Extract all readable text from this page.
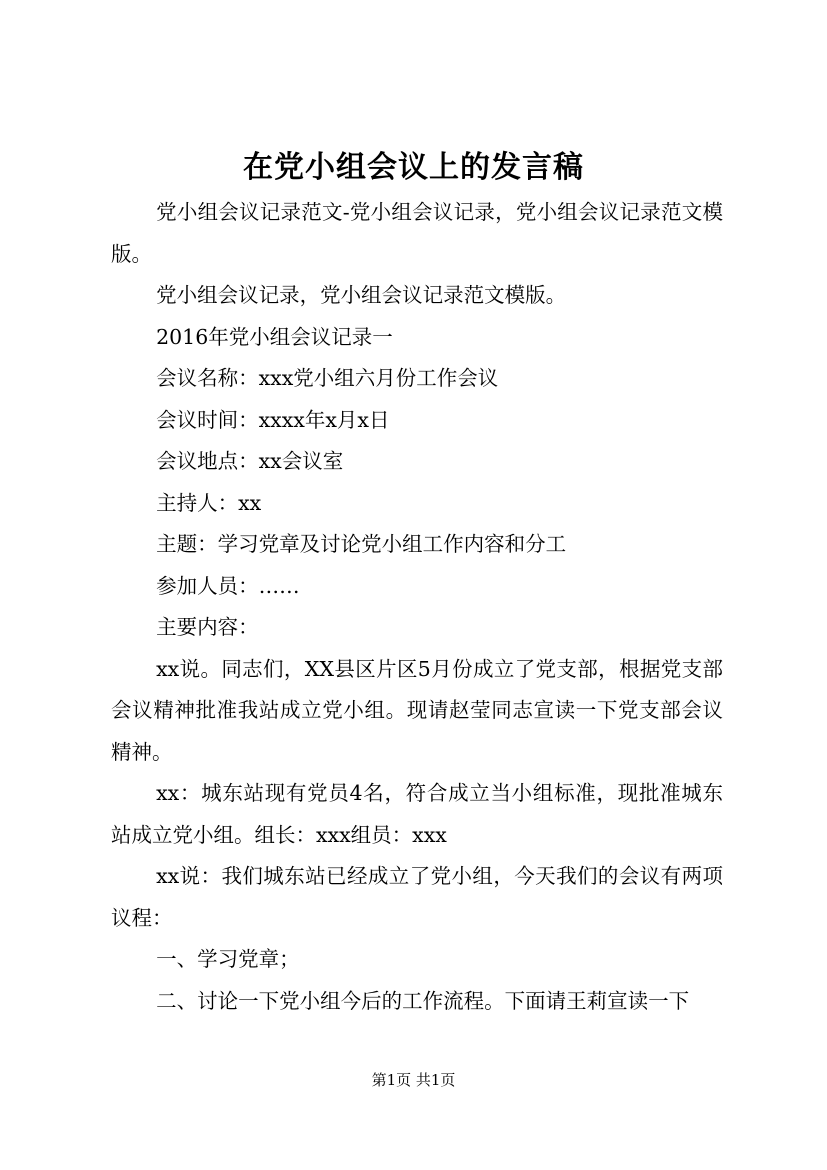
在党小组会议上的发言稿

党小组会议记录范文-党小组会议记录，党小组会议记录范文模版。

党小组会议记录，党小组会议记录范文模版。

2016年党小组会议记录一

会议名称：xxx党小组六月份工作会议

会议时间：xxxx年x月x日

会议地点：xx会议室

主持人：xx

主题：学习党章及讨论党小组工作内容和分工

参加人员：……

主要内容：

xx说。同志们，XX县区片区5月份成立了党支部，根据党支部会议精神批准我站成立党小组。现请赵莹同志宣读一下党支部会议精神。

xx：城东站现有党员4名，符合成立当小组标准，现批准城东站成立党小组。组长：xxx组员：xxx

xx说：我们城东站已经成立了党小组，今天我们的会议有两项议程：

一、学习党章；

二、讨论一下党小组今后的工作流程。下面请王莉宣读一下

第1页 共1页
